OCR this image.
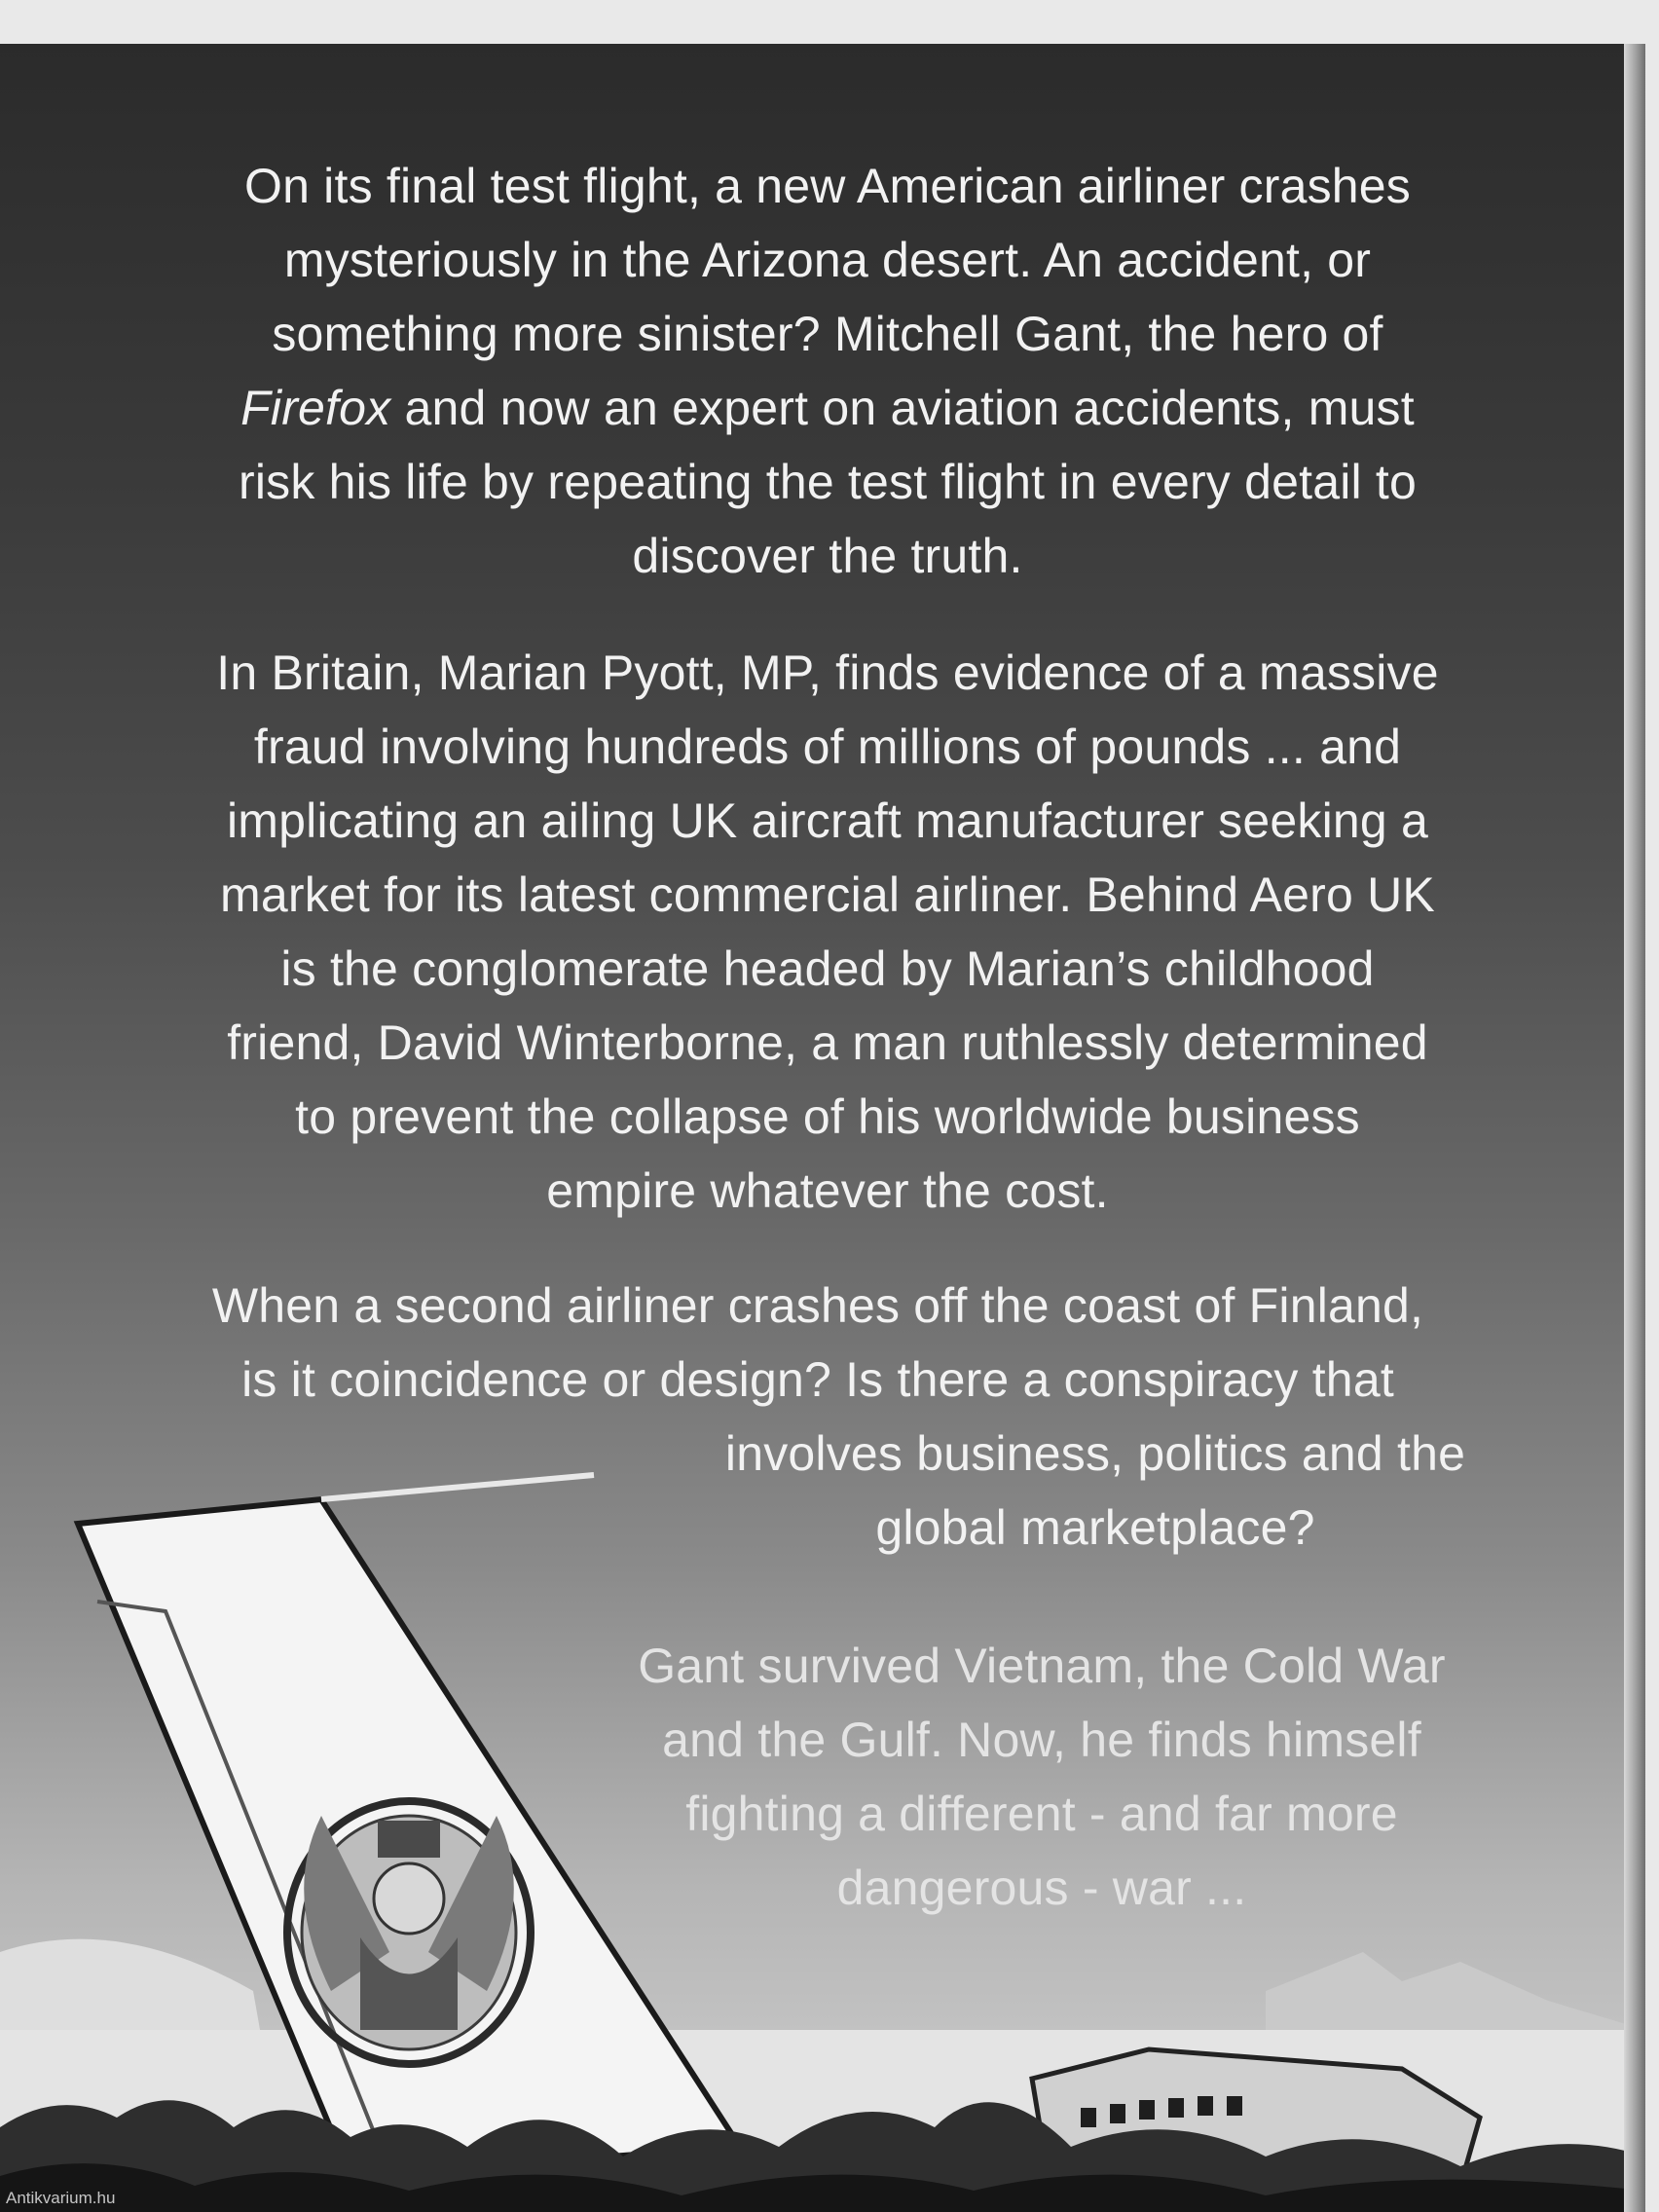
On its final test flight, a new American airliner crashes
mysteriously in the Arizona desert. An accident, or
something more sinister? Mitchell Gant, the hero of
Firefox and now an expert on aviation accidents, must
risk his life by repeating the test flight in every detail to
discover the truth.

In Britain, Marian Pyott, MP, finds evidence of a massive
fraud involving hundreds of millions of pounds ... and
implicating an ailing UK aircraft manufacturer seeking a
market for its latest commercial airliner. Behind Aero UK
is the conglomerate headed by Marian’s childhood
friend, David Winterborne, a man ruthlessly determined
to prevent the collapse of his worldwide business
empire whatever the cost.

When a second airliner crashes off the coast of Finland,
is it coincidence or design? Is there a conspiracy that

involves business, politics and the
global marketplace?

Gant survived Vietnam, the Cold War
and the Gulf. Now, he finds himself
fighting a different - and far more
dangerous - war ...

Antikvarium.hu
